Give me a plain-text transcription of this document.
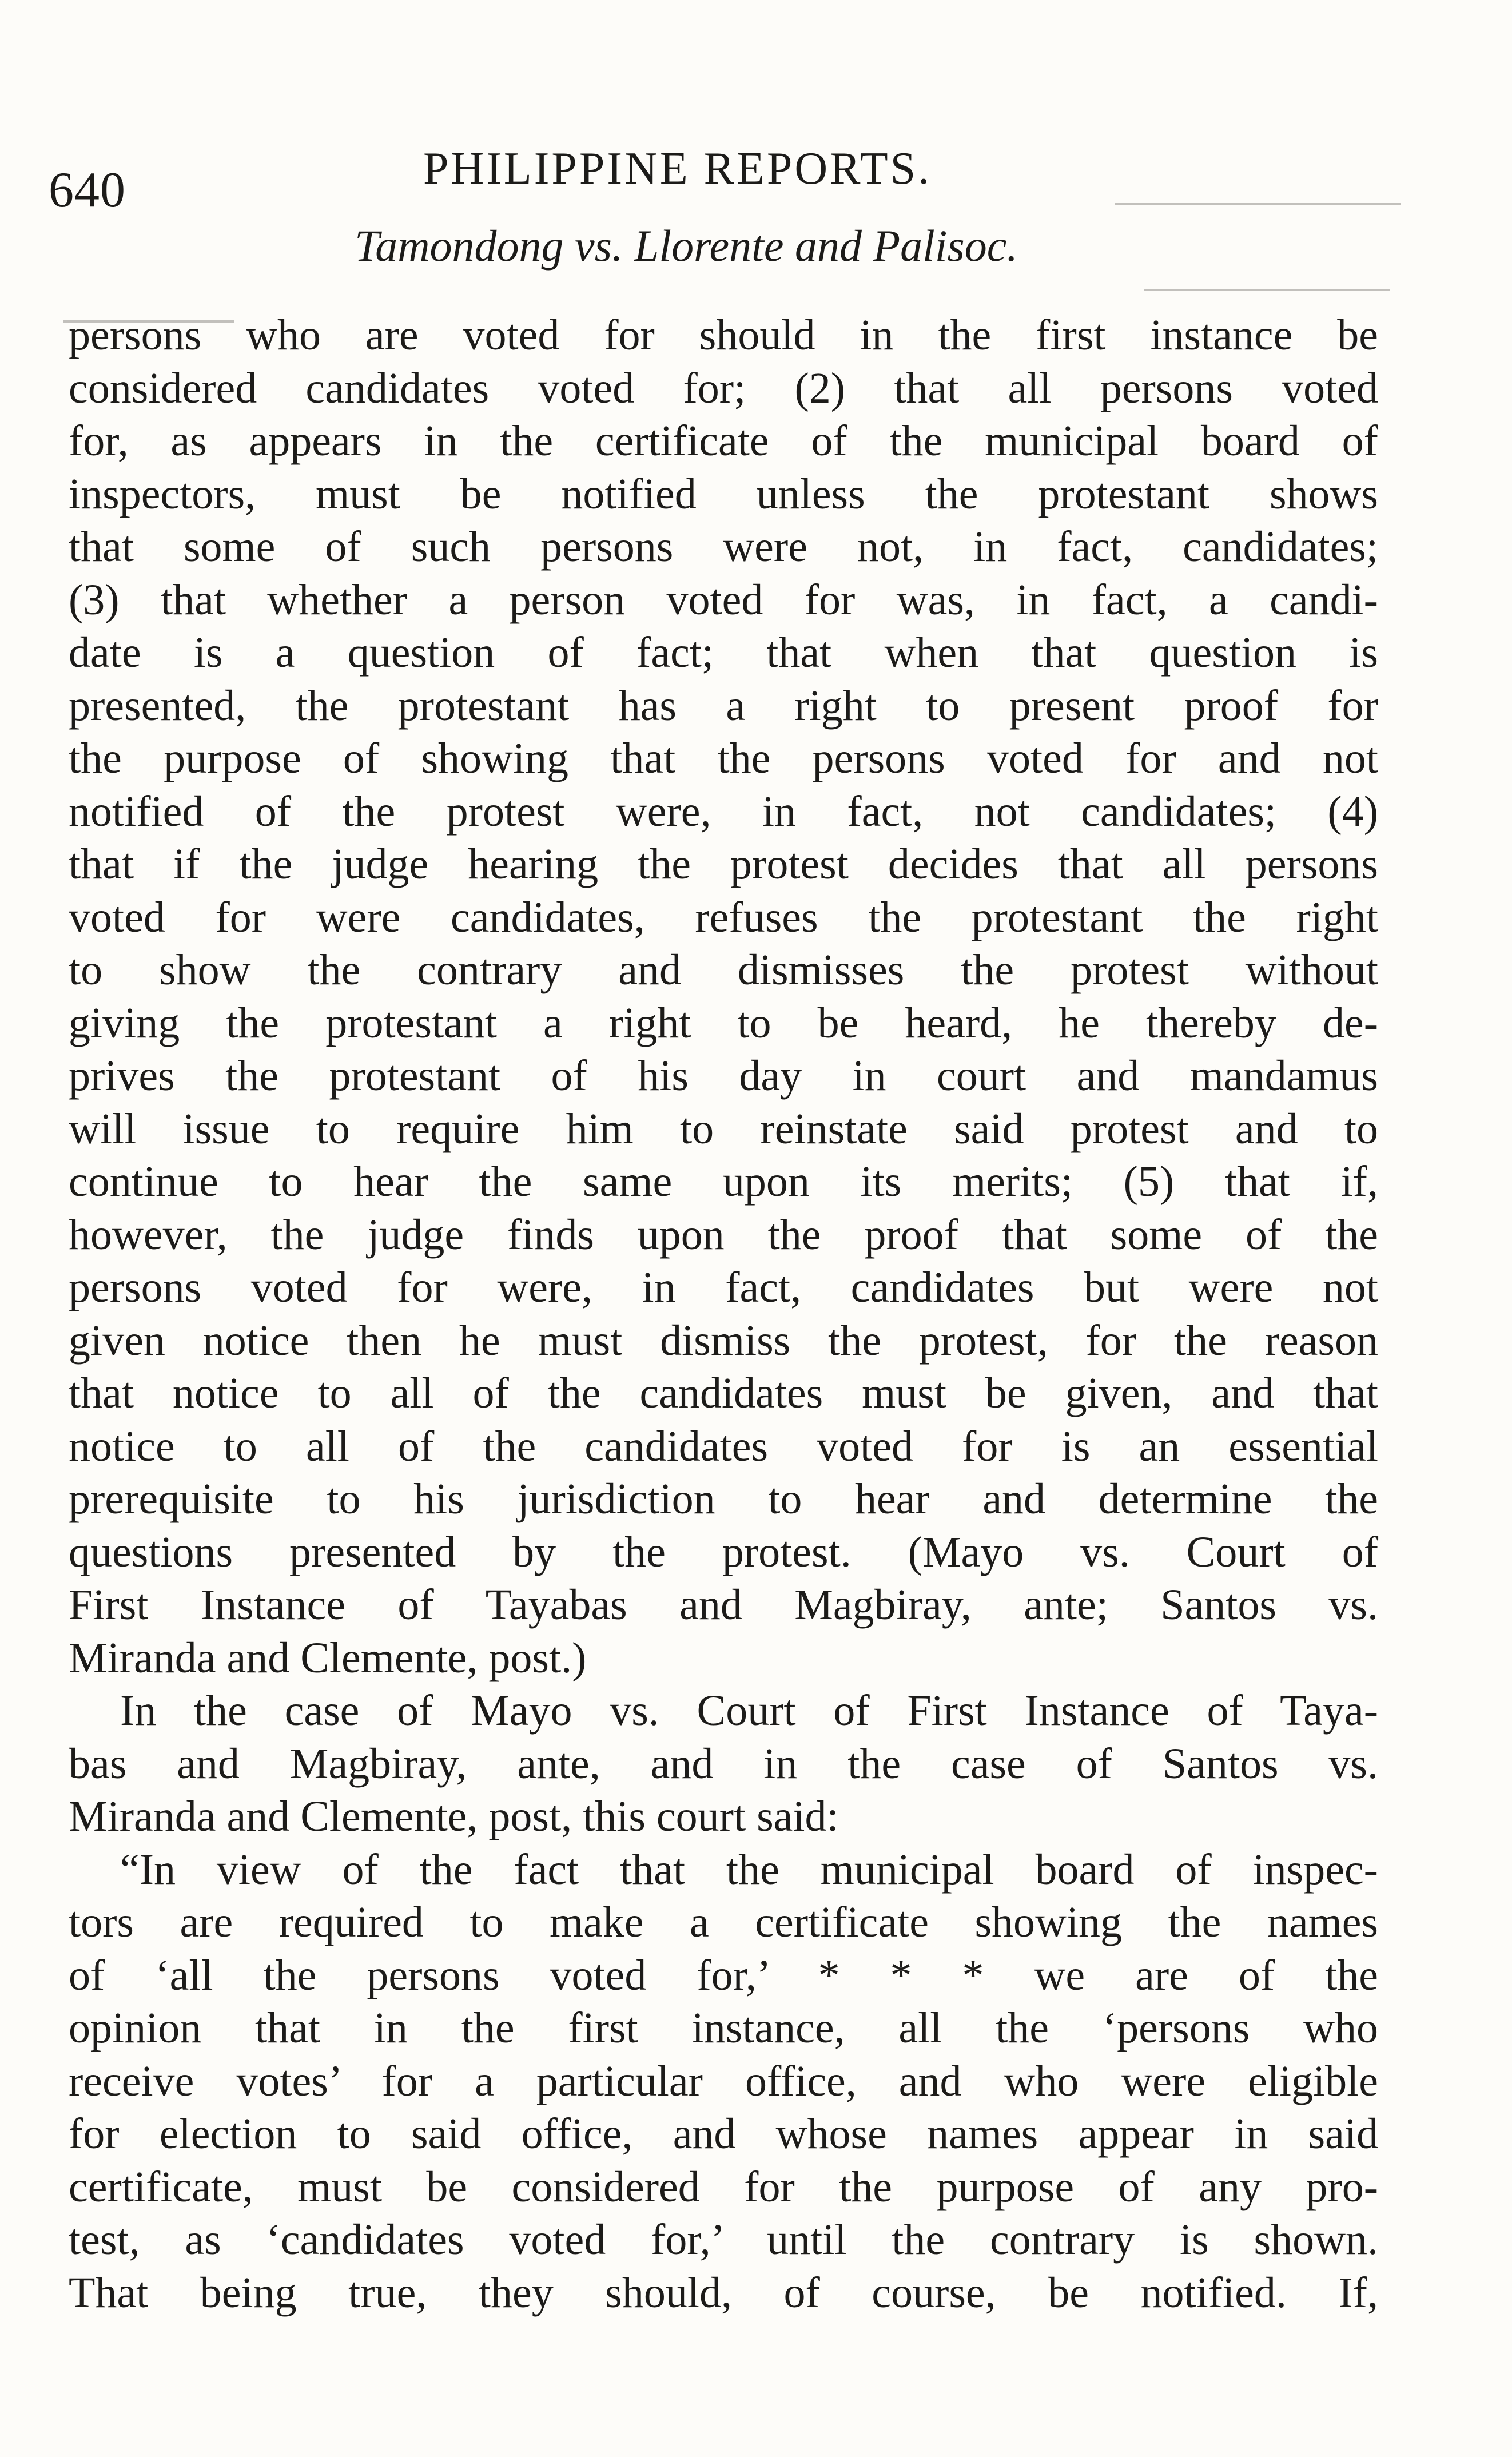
640	PHILIPPINE REPORTS.
Tamondong vs. Llorente and Palisoc.
persons who are voted for should in the first instance be
considered candidates voted for; (2) that all persons voted
for, as appears in the certificate of the municipal board of
inspectors, must be notified unless the protestant shows
that some of such persons were not, in fact, candidates;
(3) that whether a person voted for was, in fact, a candi-
date is a question of fact; that when that question is
presented, the protestant has a right to present proof for
the purpose of showing that the persons voted for and not
notified of the protest were, in fact, not candidates; (4)
that if the judge hearing the protest decides that all persons
voted for were candidates, refuses the protestant the right
to show the contrary and dismisses the protest without
giving the protestant a right to be heard, he thereby de-
prives the protestant of his day in court and mandamus
will issue to require him to reinstate said protest and to
continue to hear the same upon its merits; (5) that if,
however, the judge finds upon the proof that some of the
persons voted for were, in fact, candidates but were not
given notice then he must dismiss the protest, for the reason
that notice to all of the candidates must be given, and that
notice to all of the candidates voted for is an essential
prerequisite to his jurisdiction to hear and determine the
questions presented by the protest. (Mayo vs. Court of
First Instance of Tayabas and Magbiray, ante; Santos vs.
Miranda and Clemente, post.)
In the case of Mayo vs. Court of First Instance of Taya-
bas and Magbiray, ante, and in the case of Santos vs.
Miranda and Clemente, post, this court said:
“In view of the fact that the municipal board of inspec-
tors are required to make a certificate showing the names
of ‘all the persons voted for,’ * * * we are of the
opinion that in the first instance, all the ‘persons who
receive votes’ for a particular office, and who were eligible
for election to said office, and whose names appear in said
certificate, must be considered for the purpose of any pro-
test, as ‘candidates voted for,’ until the contrary is shown.
That being true, they should, of course, be notified. If,
